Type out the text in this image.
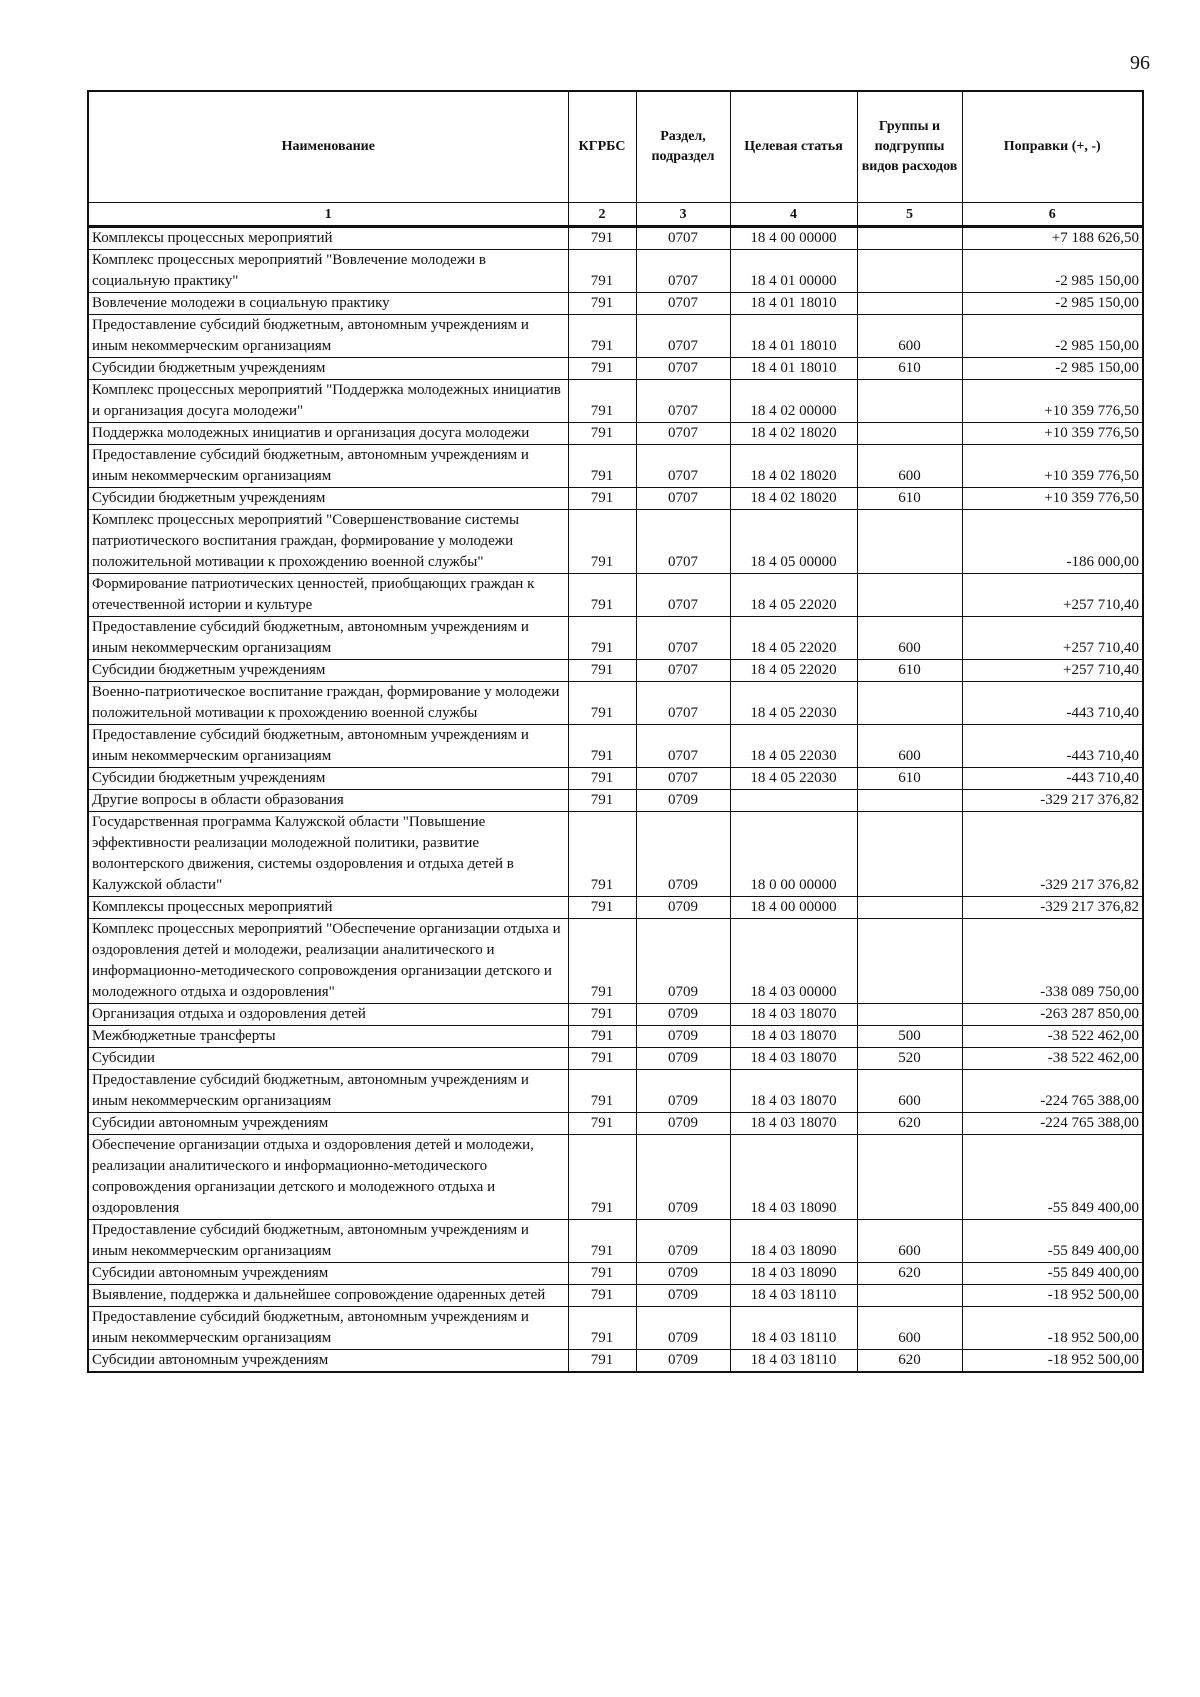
96
Наименование	КГРБС	Раздел, подраздел	Целевая статья	Группы и подгруппы видов расходов	Поправки (+, -)
1	2	3	4	5	6
Комплексы процессных мероприятий	791	0707	18 4 00 00000		+7 188 626,50
Комплекс процессных мероприятий "Вовлечение молодежи в социальную практику"	791	0707	18 4 01 00000		-2 985 150,00
Вовлечение молодежи в социальную практику	791	0707	18 4 01 18010		-2 985 150,00
Предоставление субсидий бюджетным, автономным учреждениям и иным некоммерческим организациям	791	0707	18 4 01 18010	600	-2 985 150,00
Субсидии бюджетным учреждениям	791	0707	18 4 01 18010	610	-2 985 150,00
Комплекс процессных мероприятий "Поддержка молодежных инициатив и организация досуга молодежи"	791	0707	18 4 02 00000		+10 359 776,50
Поддержка молодежных инициатив и организация досуга молодежи	791	0707	18 4 02 18020		+10 359 776,50
Предоставление субсидий бюджетным, автономным учреждениям и иным некоммерческим организациям	791	0707	18 4 02 18020	600	+10 359 776,50
Субсидии бюджетным учреждениям	791	0707	18 4 02 18020	610	+10 359 776,50
Комплекс процессных мероприятий "Совершенствование системы патриотического воспитания граждан, формирование у молодежи положительной мотивации к прохождению военной службы"	791	0707	18 4 05 00000		-186 000,00
Формирование патриотических ценностей, приобщающих граждан к отечественной истории и культуре	791	0707	18 4 05 22020		+257 710,40
Предоставление субсидий бюджетным, автономным учреждениям и иным некоммерческим организациям	791	0707	18 4 05 22020	600	+257 710,40
Субсидии бюджетным учреждениям	791	0707	18 4 05 22020	610	+257 710,40
Военно-патриотическое воспитание граждан, формирование у молодежи положительной мотивации к прохождению военной службы	791	0707	18 4 05 22030		-443 710,40
Предоставление субсидий бюджетным, автономным учреждениям и иным некоммерческим организациям	791	0707	18 4 05 22030	600	-443 710,40
Субсидии бюджетным учреждениям	791	0707	18 4 05 22030	610	-443 710,40
Другие вопросы в области образования	791	0709			-329 217 376,82
Государственная программа Калужской области "Повышение эффективности реализации молодежной политики, развитие волонтерского движения, системы оздоровления и отдыха детей в Калужской области"	791	0709	18 0 00 00000		-329 217 376,82
Комплексы процессных мероприятий	791	0709	18 4 00 00000		-329 217 376,82
Комплекс процессных мероприятий "Обеспечение организации отдыха и оздоровления детей и молодежи, реализации аналитического и информационно-методического сопровождения организации детского и молодежного отдыха и оздоровления"	791	0709	18 4 03 00000		-338 089 750,00
Организация отдыха и оздоровления детей	791	0709	18 4 03 18070		-263 287 850,00
Межбюджетные трансферты	791	0709	18 4 03 18070	500	-38 522 462,00
Субсидии	791	0709	18 4 03 18070	520	-38 522 462,00
Предоставление субсидий бюджетным, автономным учреждениям и иным некоммерческим организациям	791	0709	18 4 03 18070	600	-224 765 388,00
Субсидии автономным учреждениям	791	0709	18 4 03 18070	620	-224 765 388,00
Обеспечение организации отдыха и оздоровления детей и молодежи, реализации аналитического и информационно-методического сопровождения организации детского и молодежного отдыха и оздоровления	791	0709	18 4 03 18090		-55 849 400,00
Предоставление субсидий бюджетным, автономным учреждениям и иным некоммерческим организациям	791	0709	18 4 03 18090	600	-55 849 400,00
Субсидии автономным учреждениям	791	0709	18 4 03 18090	620	-55 849 400,00
Выявление, поддержка и дальнейшее сопровождение одаренных детей	791	0709	18 4 03 18110		-18 952 500,00
Предоставление субсидий бюджетным, автономным учреждениям и иным некоммерческим организациям	791	0709	18 4 03 18110	600	-18 952 500,00
Субсидии автономным учреждениям	791	0709	18 4 03 18110	620	-18 952 500,00
